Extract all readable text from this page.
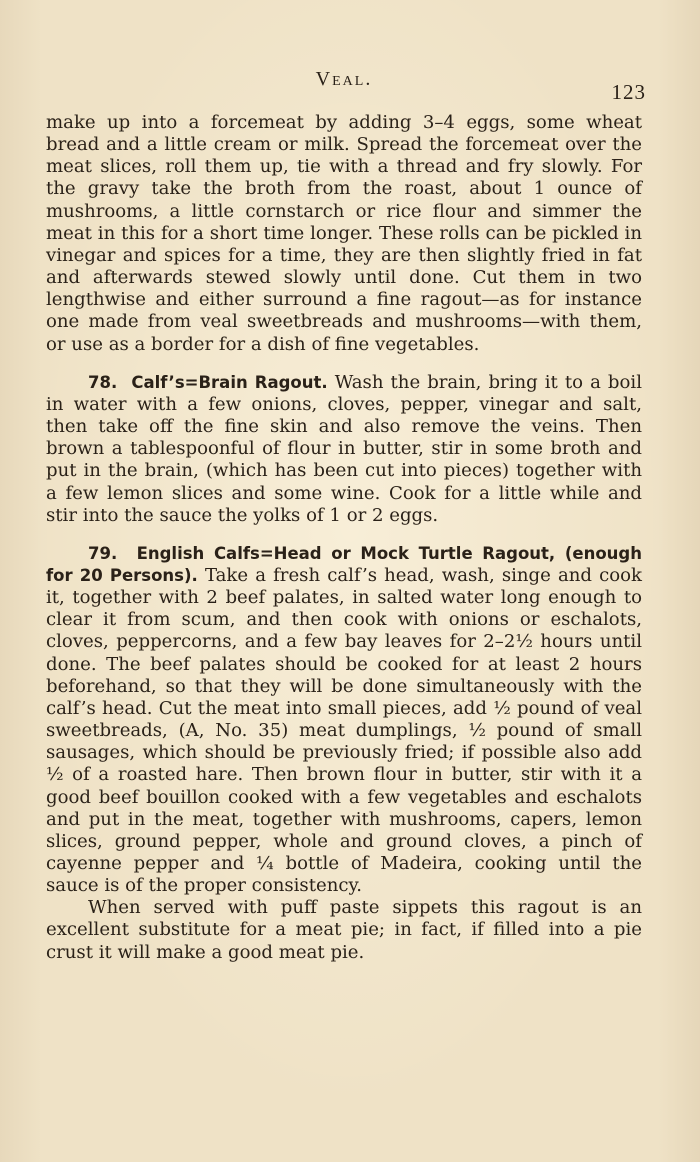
Veal.
123

make up into a forcemeat by adding 3–4 eggs, some wheat bread and a little cream or milk. Spread the forcemeat over the meat slices, roll them up, tie with a thread and fry slowly. For the gravy take the broth from the roast, about 1 ounce of mushrooms, a little cornstarch or rice flour and simmer the meat in this for a short time longer. These rolls can be pickled in vinegar and spices for a time, they are then slightly fried in fat and afterwards stewed slowly until done. Cut them in two lengthwise and either surround a fine ragout—as for instance one made from veal sweetbreads and mushrooms—with them, or use as a border for a dish of fine vegetables.

78. Calf’s=Brain Ragout. Wash the brain, bring it to a boil in water with a few onions, cloves, pepper, vinegar and salt, then take off the fine skin and also remove the veins. Then brown a tablespoonful of flour in butter, stir in some broth and put in the brain, (which has been cut into pieces) together with a few lemon slices and some wine. Cook for a little while and stir into the sauce the yolks of 1 or 2 eggs.

79. English Calfs=Head or Mock Turtle Ragout, (enough for 20 Persons). Take a fresh calf’s head, wash, singe and cook it, together with 2 beef palates, in salted water long enough to clear it from scum, and then cook with onions or eschalots, cloves, peppercorns, and a few bay leaves for 2–2½ hours until done. The beef palates should be cooked for at least 2 hours beforehand, so that they will be done simultaneously with the calf’s head. Cut the meat into small pieces, add ½ pound of veal sweetbreads, (A, No. 35) meat dumplings, ½ pound of small sausages, which should be previously fried; if possible also add ½ of a roasted hare. Then brown flour in butter, stir with it a good beef bouillon cooked with a few vegetables and eschalots and put in the meat, together with mushrooms, capers, lemon slices, ground pepper, whole and ground cloves, a pinch of cayenne pepper and ¼ bottle of Madeira, cooking until the sauce is of the proper consistency.

When served with puff paste sippets this ragout is an excellent substitute for a meat pie; in fact, if filled into a pie crust it will make a good meat pie.
